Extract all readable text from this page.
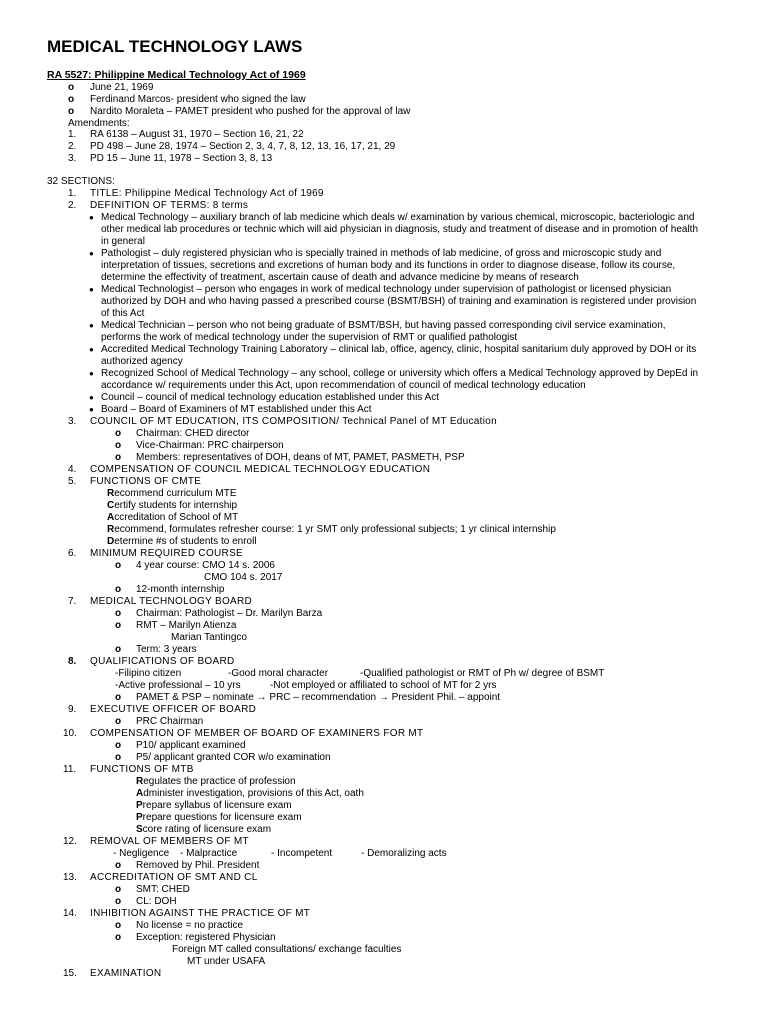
MEDICAL TECHNOLOGY LAWS
RA 5527: Philippine Medical Technology Act of 1969
o June 21, 1969
o Ferdinand Marcos- president who signed the law
o Nardito Moraleta – PAMET president who pushed for the approval of law
Amendments:
1. RA 6138 – August 31, 1970 – Section 16, 21, 22
2. PD 498 – June 28, 1974 – Section 2, 3, 4, 7, 8, 12, 13, 16, 17, 21, 29
3. PD 15 – June 11, 1978 – Section 3, 8, 13
32 SECTIONS:
1. TITLE: Philippine Medical Technology Act of 1969
2. DEFINITION OF TERMS: 8 terms
● Medical Technology – auxiliary branch of lab medicine which deals w/ examination by various chemical, microscopic, bacteriologic and
other medical lab procedures or technic which will aid physician in diagnosis, study and treatment of disease and in promotion of health
in general
● Pathologist – duly registered physician who is specially trained in methods of lab medicine, of gross and microscopic study and
interpretation of tissues, secretions and excretions of human body and its functions in order to diagnose disease, follow its course,
determine the effectivity of treatment, ascertain cause of death and advance medicine by means of research
● Medical Technologist – person who engages in work of medical technology under supervision of pathologist or licensed physician
authorized by DOH and who having passed a prescribed course (BSMT/BSH) of training and examination is registered under provision
of this Act
● Medical Technician – person who not being graduate of BSMT/BSH, but having passed corresponding civil service examination,
performs the work of medical technology under the supervision of RMT or qualified pathologist
● Accredited Medical Technology Training Laboratory – clinical lab, office, agency, clinic, hospital sanitarium duly approved by DOH or its
authorized agency
● Recognized School of Medical Technology – any school, college or university which offers a Medical Technology approved by DepEd in
accordance w/ requirements under this Act, upon recommendation of council of medical technology education
● Council – council of medical technology education established under this Act
● Board – Board of Examiners of MT established under this Act
3. COUNCIL OF MT EDUCATION, ITS COMPOSITION/ Technical Panel of MT Education
o Chairman: CHED director
o Vice-Chairman: PRC chairperson
o Members: representatives of DOH, deans of MT, PAMET, PASMETH, PSP
4. COMPENSATION OF COUNCIL MEDICAL TECHNOLOGY EDUCATION
5. FUNCTIONS OF CMTE
Recommend curriculum MTE
Certify students for internship
Accreditation of School of MT
Recommend, formulates refresher course: 1 yr SMT only professional subjects; 1 yr clinical internship
Determine #s of students to enroll
6. MINIMUM REQUIRED COURSE
o 4 year course: CMO 14 s. 2006
CMO 104 s. 2017
o 12-month internship
7. MEDICAL TECHNOLOGY BOARD
o Chairman: Pathologist – Dr. Marilyn Barza
o RMT – Marilyn Atienza
Marian Tantingco
o Term: 3 years
8. QUALIFICATIONS OF BOARD
-Filipino citizen	-Good moral character	-Qualified pathologist or RMT of Ph w/ degree of BSMT
-Active professional – 10 yrs	-Not employed or affiliated to school of MT for 2 yrs
o PAMET & PSP – nominate → PRC – recommendation → President Phil. – appoint
9. EXECUTIVE OFFICER OF BOARD
o PRC Chairman
10. COMPENSATION OF MEMBER OF BOARD OF EXAMINERS FOR MT
o P10/ applicant examined
o P5/ applicant granted COR w/o examination
11. FUNCTIONS OF MTB
Regulates the practice of profession
Administer investigation, provisions of this Act, oath
Prepare syllabus of licensure exam
Prepare questions for licensure exam
Score rating of licensure exam
12. REMOVAL OF MEMBERS OF MT
- Negligence - Malpractice	- Incompetent	- Demoralizing acts
o Removed by Phil. President
13. ACCREDITATION OF SMT AND CL
o SMT: CHED
o CL: DOH
14. INHIBITION AGAINST THE PRACTICE OF MT
o No license = no practice
o Exception: registered Physician
Foreign MT called consultations/ exchange faculties
MT under USAFA
15. EXAMINATION
